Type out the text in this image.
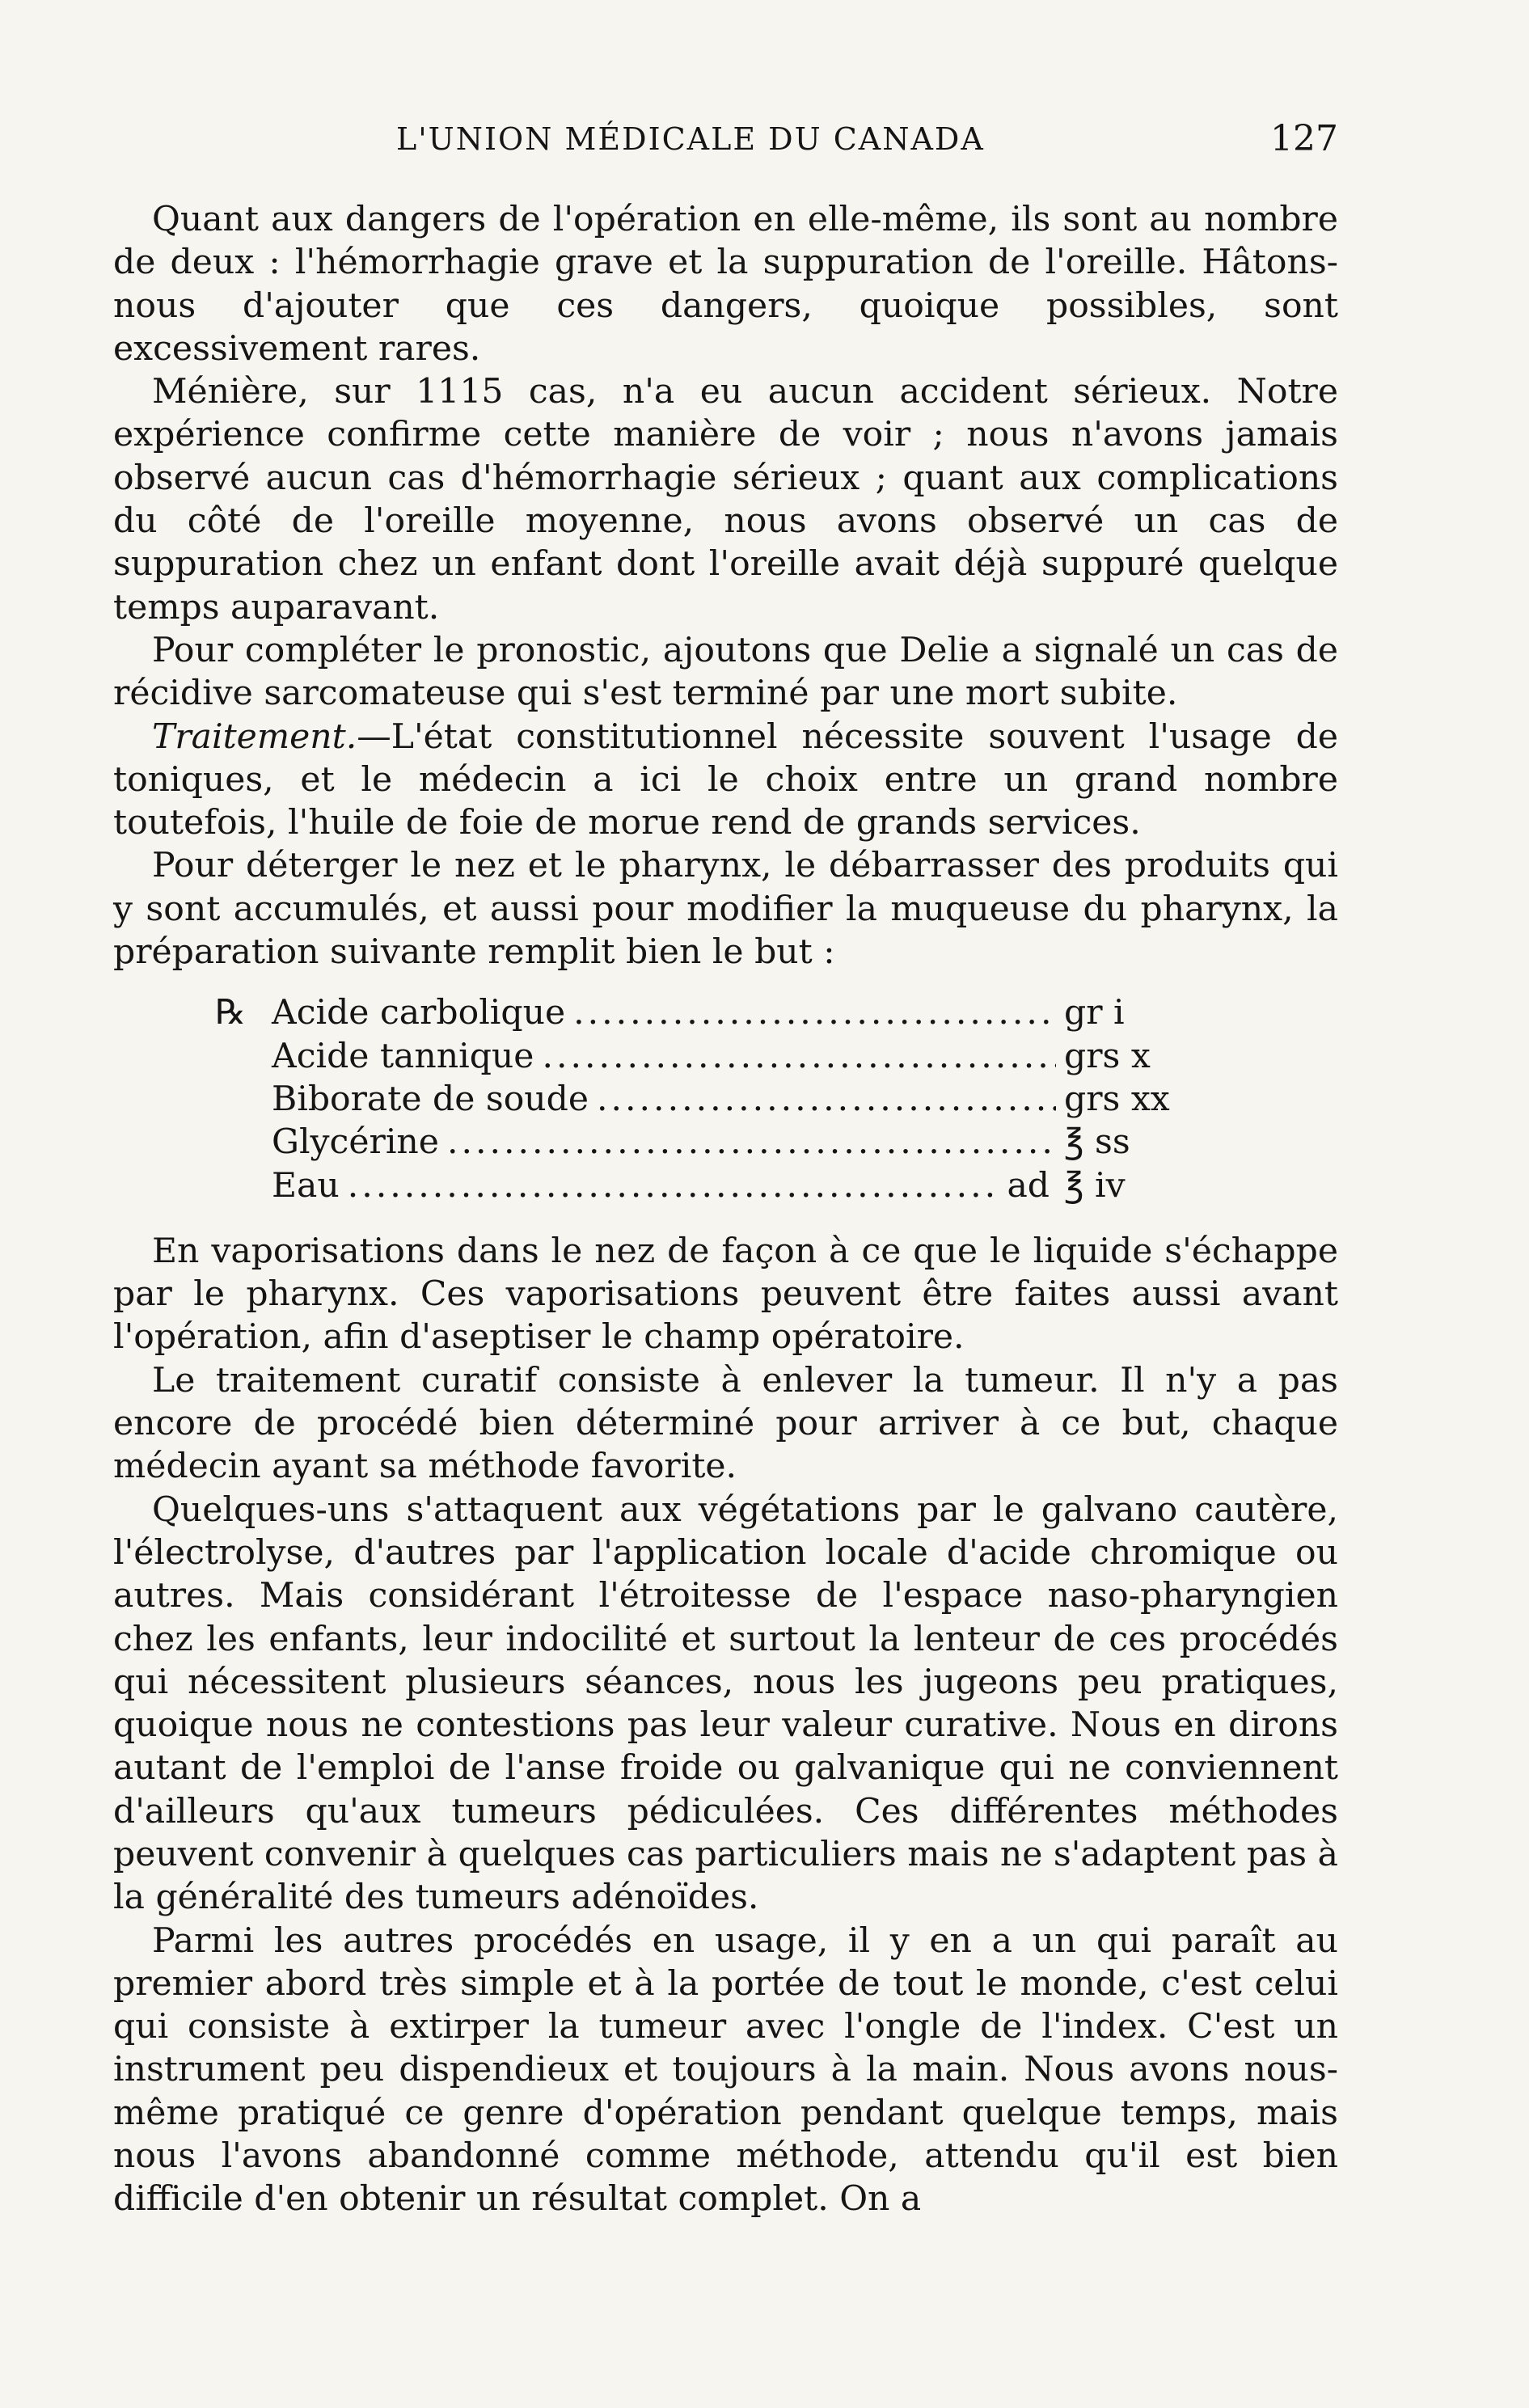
L'UNION MÉDICALE DU CANADA	127

Quant aux dangers de l'opération en elle-même, ils sont au nombre de deux : l'hémorrhagie grave et la suppuration de l'oreille. Hâtons-nous d'ajouter que ces dangers, quoique possibles, sont excessivement rares.

Ménière, sur 1115 cas, n'a eu aucun accident sérieux. Notre expérience confirme cette manière de voir ; nous n'avons jamais observé aucun cas d'hémorrhagie sérieux ; quant aux complications du côté de l'oreille moyenne, nous avons observé un cas de suppuration chez un enfant dont l'oreille avait déjà suppuré quelque temps auparavant.

Pour compléter le pronostic, ajoutons que Delie a signalé un cas de récidive sarcomateuse qui s'est terminé par une mort subite.

Traitement.—L'état constitutionnel nécessite souvent l'usage de toniques, et le médecin a ici le choix entre un grand nombre toutefois, l'huile de foie de morue rend de grands services.

Pour déterger le nez et le pharynx, le débarrasser des produits qui y sont accumulés, et aussi pour modifier la muqueuse du pharynx, la préparation suivante remplit bien le but :

℞ Acide carbolique .....	gr i
Acide tannique .....	grs x
Biborate de soude .....	grs xx
Glycérine .....	℥ ss
Eau .....	ad ℥ iv

En vaporisations dans le nez de façon à ce que le liquide s'échappe par le pharynx. Ces vaporisations peuvent être faites aussi avant l'opération, afin d'aseptiser le champ opératoire.

Le traitement curatif consiste à enlever la tumeur. Il n'y a pas encore de procédé bien déterminé pour arriver à ce but, chaque médecin ayant sa méthode favorite.

Quelques-uns s'attaquent aux végétations par le galvano cautère, l'électrolyse, d'autres par l'application locale d'acide chromique ou autres. Mais considérant l'étroitesse de l'espace naso-pharyngien chez les enfants, leur indocilité et surtout la lenteur de ces procédés qui nécessitent plusieurs séances, nous les jugeons peu pratiques, quoique nous ne contestions pas leur valeur curative. Nous en dirons autant de l'emploi de l'anse froide ou galvanique qui ne conviennent d'ailleurs qu'aux tumeurs pédiculées. Ces différentes méthodes peuvent convenir à quelques cas particuliers mais ne s'adaptent pas à la généralité des tumeurs adénoïdes.

Parmi les autres procédés en usage, il y en a un qui paraît au premier abord très simple et à la portée de tout le monde, c'est celui qui consiste à extirper la tumeur avec l'ongle de l'index. C'est un instrument peu dispendieux et toujours à la main. Nous avons nous-même pratiqué ce genre d'opération pendant quelque temps, mais nous l'avons abandonné comme méthode, attendu qu'il est bien difficile d'en obtenir un résultat complet. On a
